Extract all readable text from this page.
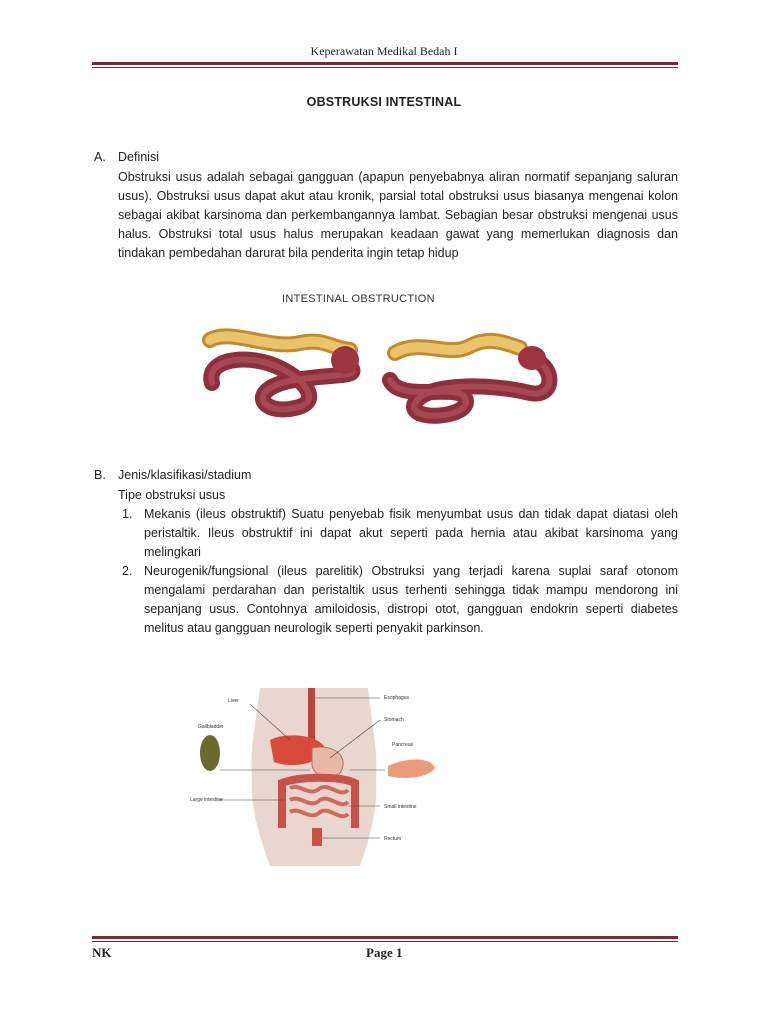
Keperawatan Medikal Bedah I
OBSTRUKSI INTESTINAL
A. Definisi
Obstruksi usus adalah sebagai gangguan (apapun penyebabnya aliran normatif sepanjang saluran usus). Obstruksi usus dapat akut atau kronik, parsial total obstruksi usus biasanya mengenai kolon sebagai akibat karsinoma dan perkembangannya lambat. Sebagian besar obstruksi mengenai usus halus. Obstruksi total usus halus merupakan keadaan gawat yang memerlukan diagnosis dan tindakan pembedahan darurat bila penderita ingin tetap hidup
INTESTINAL OBSTRUCTION
B. Jenis/klasifikasi/stadium
Tipe obstruksi usus
1. Mekanis (ileus obstruktif) Suatu penyebab fisik menyumbat usus dan tidak dapat diatasi oleh peristaltik. Ileus obstruktif ini dapat akut seperti pada hernia atau akibat karsinoma yang melingkari
2. Neurogenik/fungsional (ileus parelitik) Obstruksi yang terjadi karena suplai saraf otonom mengalami perdarahan dan peristaltik usus terhenti sehingga tidak mampu mendorong ini sepanjang usus. Contohnya amiloidosis, distropi otot, gangguan endokrin seperti diabetes melitus atau gangguan neurologik seperti penyakit parkinson.
Liver
Gallbladder
Large intestine
Esophagus
Stomach
Pancreas
Small intestine
Rectum
NK	Page 1
